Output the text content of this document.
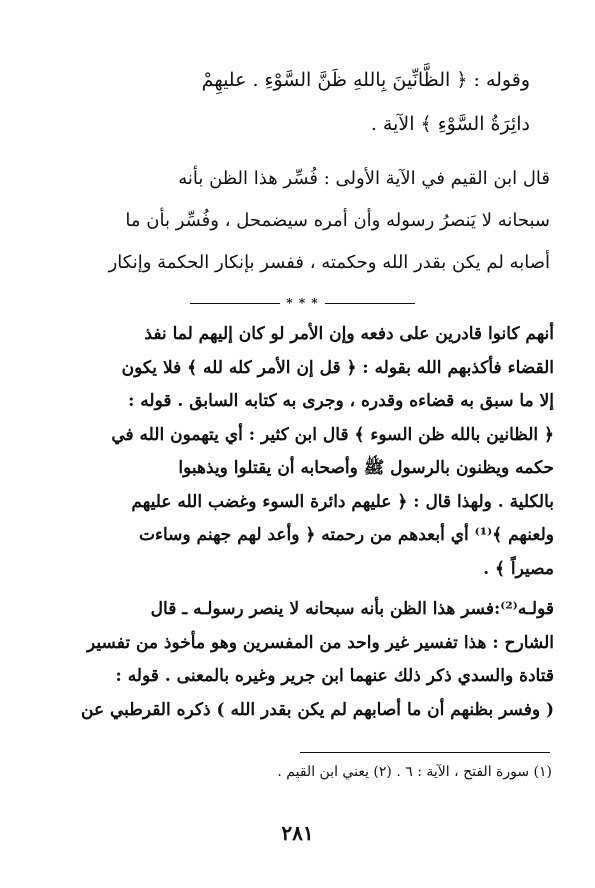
وقوله : ﴿ الظَّانِّينَ بِاللهِ ظَنَّ السَّوْءِ . عليهِمْ
دائِرَةُ السَّوْءِ ﴾ الآية .
قال ابن القيم في الآية الأولى : فُسِّر هذا الظن بأنه
سبحانه لا يَنصرُ رسوله وأن أمره سيضمحل ، وفُسِّر بأن ما
أصابه لم يكن بقدر الله وحكمته ، ففسر بإنكار الحكمة وإنكار
* * *
أنهم كانوا قادرين على دفعه وإن الأمر لو كان إليهم لما نفذ
القضاء فأكذبهم الله بقوله : ﴿ قل إن الأمر كله لله ﴾ فلا يكون
إلا ما سبق به قضاءه وقدره ، وجرى به كتابه السابق . قوله :
﴿ الظانين بالله ظن السوء ﴾ قال ابن كثير : أي يتهمون الله في
حكمه ويظنون بالرسول ﷺ وأصحابه أن يقتلوا ويذهبوا
بالكلية . ولهذا قال : ﴿ عليهم دائرة السوء وغضب الله عليهم
ولعنهم ﴾⁽¹⁾ أي أبعدهم من رحمته ﴿ وأعد لهم جهنم وساءت
مصيراً ﴾ .
قولـه⁽²⁾:فسر هذا الظن بأنه سبحانه لا ينصر رسولـه ـ قال
الشارح : هذا تفسير غير واحد من المفسرين وهو مأخوذ من تفسير
قتادة والسدي ذكر ذلك عنهما ابن جرير وغيره بالمعنى . قوله :
( وفسر بظنهم أن ما أصابهم لم يكن بقدر الله ) ذكره القرطبي عن
(١) سورة الفتح ، الآية : ٦ . (٢) يعني ابن القيم .
٢٨١
